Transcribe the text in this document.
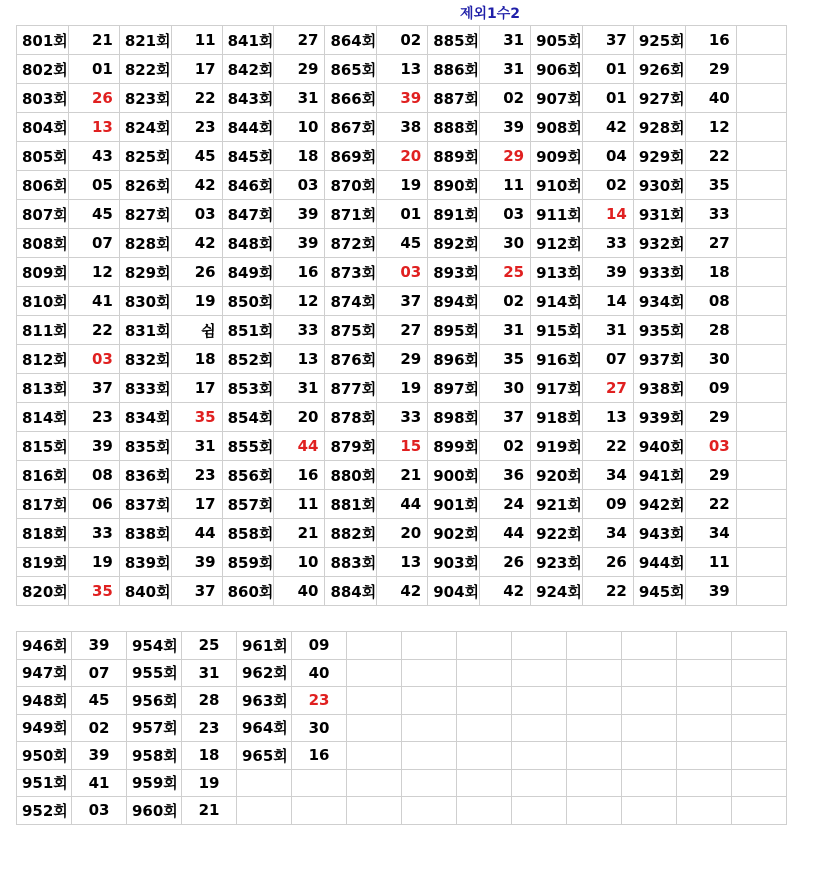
제외1수2
801회	21	821회	11	841회	27	864회	02	885회	31	905회	37	925회	16	
802회	01	822회	17	842회	29	865회	13	886회	31	906회	01	926회	29	
803회	26	823회	22	843회	31	866회	39	887회	02	907회	01	927회	40	
804회	13	824회	23	844회	10	867회	38	888회	39	908회	42	928회	12	
805회	43	825회	45	845회	18	869회	20	889회	29	909회	04	929회	22	
806회	05	826회	42	846회	03	870회	19	890회	11	910회	02	930회	35	
807회	45	827회	03	847회	39	871회	01	891회	03	911회	14	931회	33	
808회	07	828회	42	848회	39	872회	45	892회	30	912회	33	932회	27	
809회	12	829회	26	849회	16	873회	03	893회	25	913회	39	933회	18	
810회	41	830회	19	850회	12	874회	37	894회	02	914회	14	934회	08	
811회	22	831회	쉼	851회	33	875회	27	895회	31	915회	31	935회	28	
812회	03	832회	18	852회	13	876회	29	896회	35	916회	07	937회	30	
813회	37	833회	17	853회	31	877회	19	897회	30	917회	27	938회	09	
814회	23	834회	35	854회	20	878회	33	898회	37	918회	13	939회	29	
815회	39	835회	31	855회	44	879회	15	899회	02	919회	22	940회	03	
816회	08	836회	23	856회	16	880회	21	900회	36	920회	34	941회	29	
817회	06	837회	17	857회	11	881회	44	901회	24	921회	09	942회	22	
818회	33	838회	44	858회	21	882회	20	902회	44	922회	34	943회	34	
819회	19	839회	39	859회	10	883회	13	903회	26	923회	26	944회	11	
820회	35	840회	37	860회	40	884회	42	904회	42	924회	22	945회	39	
946회	39	954회	25	961회	09								
947회	07	955회	31	962회	40								
948회	45	956회	28	963회	23								
949회	02	957회	23	964회	30								
950회	39	958회	18	965회	16								
951회	41	959회	19										
952회	03	960회	21										
